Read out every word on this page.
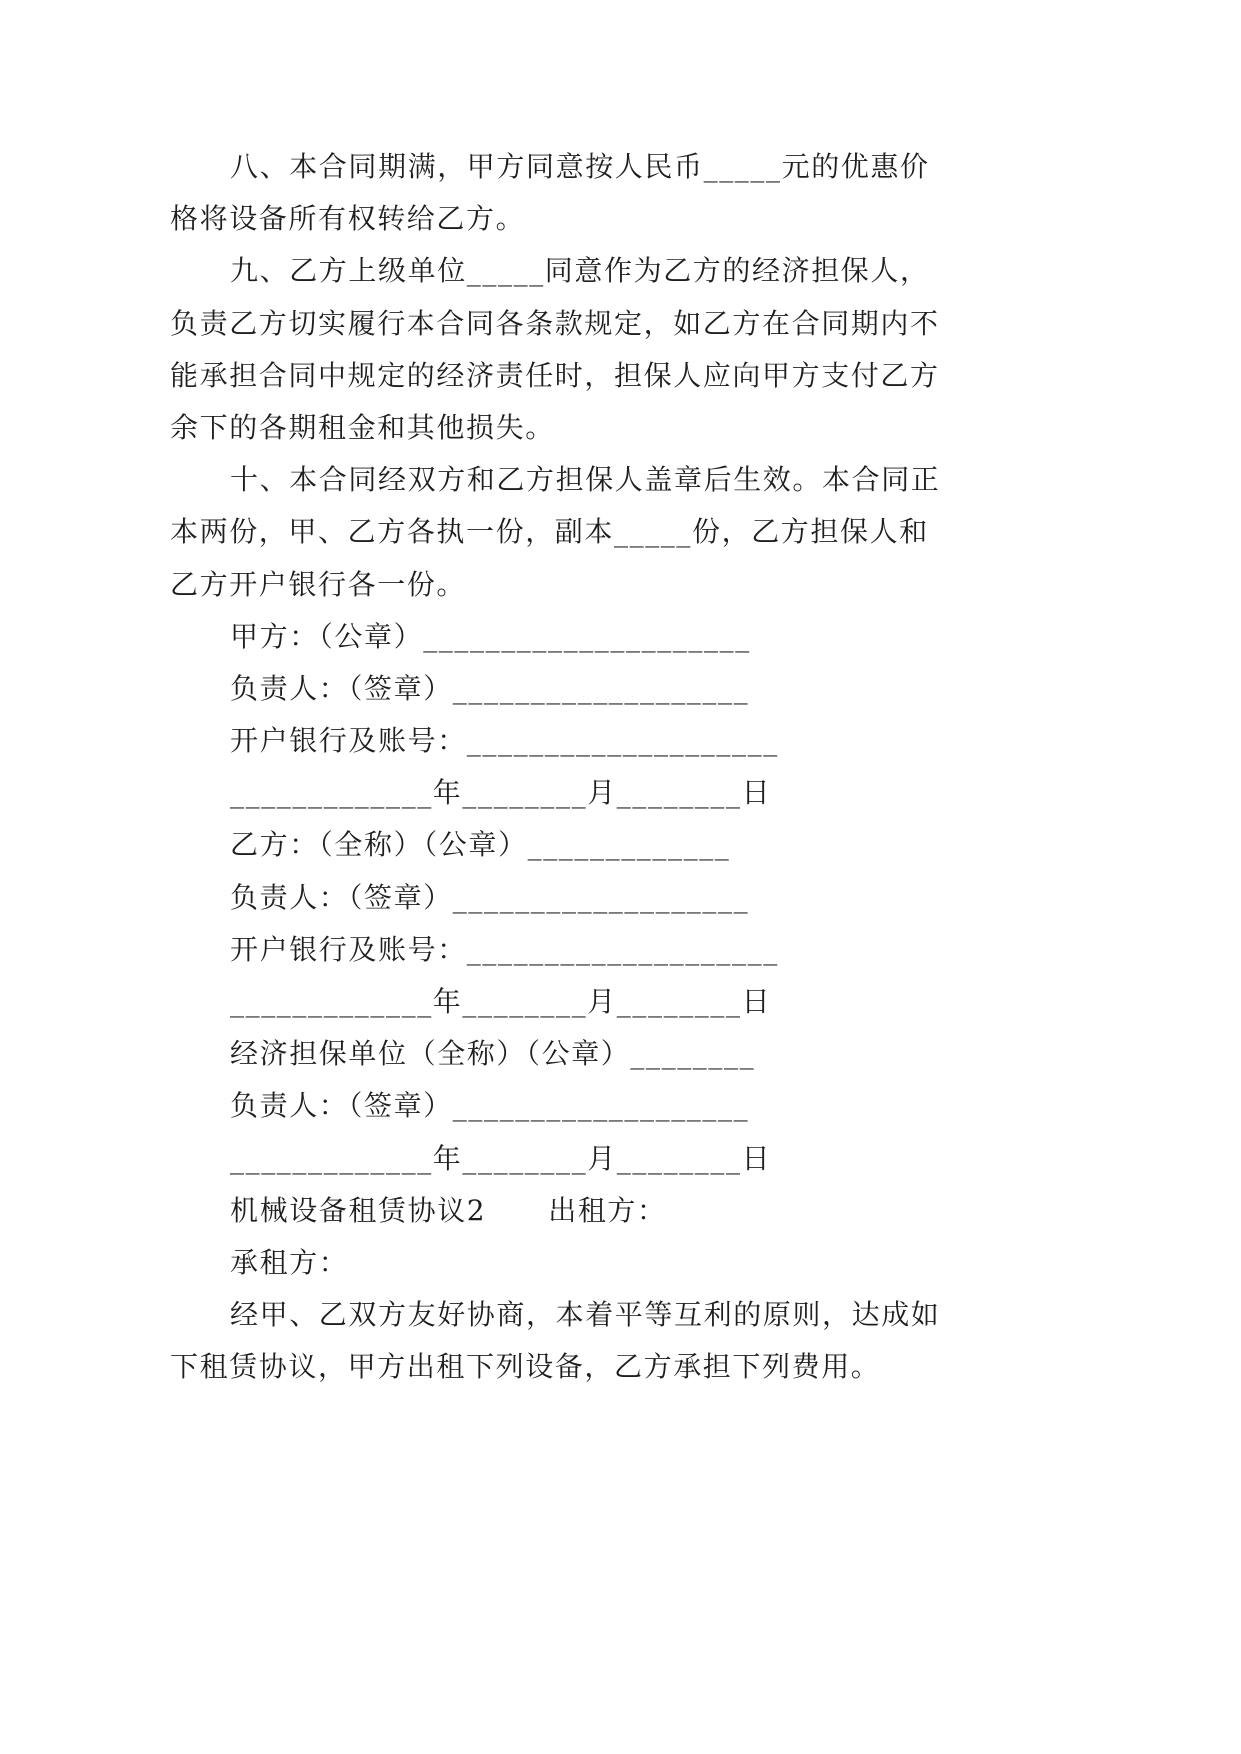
八、本合同期满，甲方同意按人民币_____元的优惠价
格将设备所有权转给乙方。
九、乙方上级单位_____同意作为乙方的经济担保人，
负责乙方切实履行本合同各条款规定，如乙方在合同期内不
能承担合同中规定的经济责任时，担保人应向甲方支付乙方
余下的各期租金和其他损失。
十、本合同经双方和乙方担保人盖章后生效。本合同正
本两份，甲、乙方各执一份，副本_____份，乙方担保人和
乙方开户银行各一份。
甲方：（公章）_____________________
负责人：（签章）___________________
开户银行及账号：____________________
_____________年________月________日
乙方：（全称）（公章）_____________
负责人：（签章）___________________
开户银行及账号：____________________
_____________年________月________日
经济担保单位（全称）（公章）________
负责人：（签章）___________________
_____________年________月________日
机械设备租赁协议2 出租方：
承租方：
经甲、乙双方友好协商，本着平等互利的原则，达成如
下租赁协议，甲方出租下列设备，乙方承担下列费用。
